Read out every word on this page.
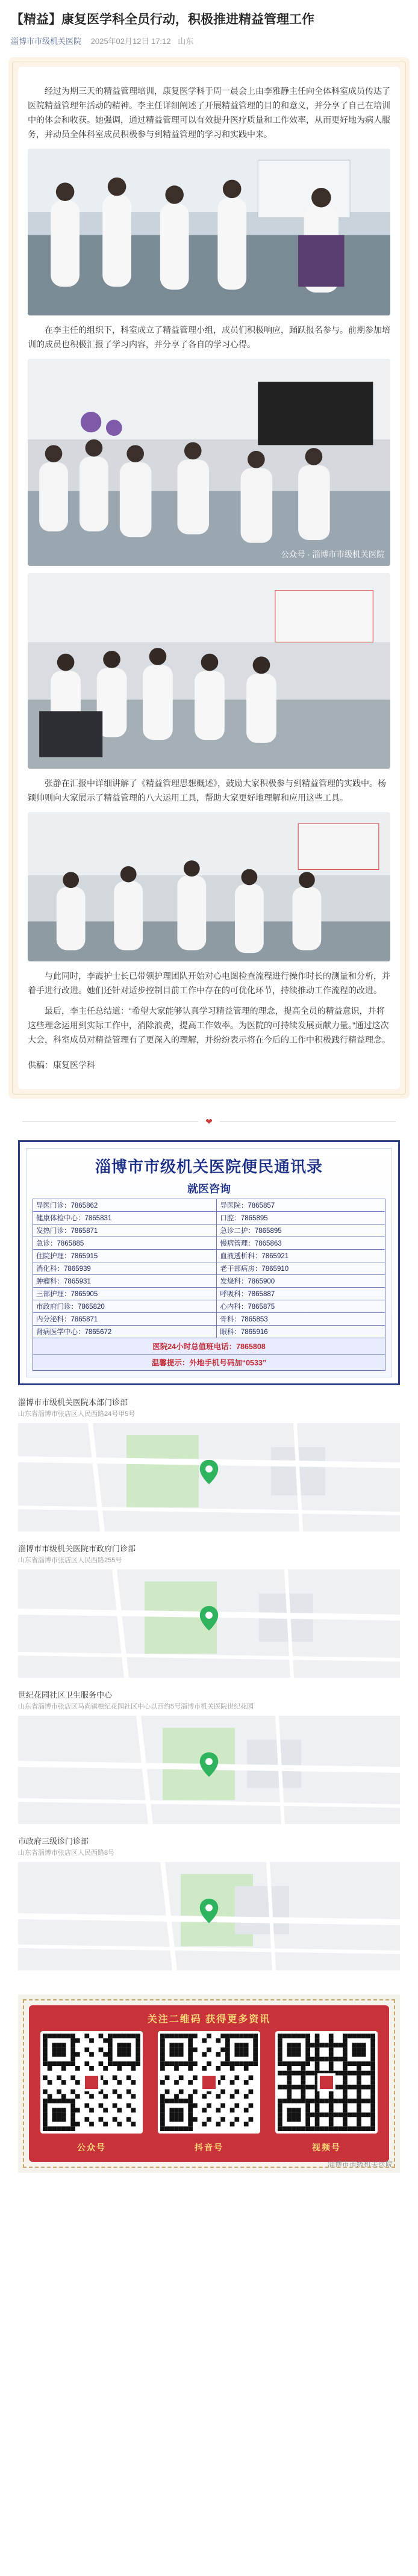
【精益】康复医学科全员行动，积极推进精益管理工作
淄博市市级机关医院 2025年02月12日 17:12 山东

经过为期三天的精益管理培训，康复医学科于周一晨会上由李雅静主任向全体科室成员传达了医院精益管理年活动的精神。李主任详细阐述了开展精益管理的目的和意义，并分享了自己在培训中的体会和收获。她强调，通过精益管理可以有效提升医疗质量和工作效率，从而更好地为病人服务，并动员全体科室成员积极参与到精益管理的学习和实践中来。

在李主任的组织下，科室成立了精益管理小组，成员们积极响应，踊跃报名参与。前期参加培训的成员也积极汇报了学习内容，并分享了各自的学习心得。

公众号 · 淄博市市级机关医院

张静在汇报中详细讲解了《精益管理思想概述》，鼓励大家积极参与到精益管理的实践中。杨颖帅则向大家展示了精益管理的八大运用工具，帮助大家更好地理解和应用这些工具。

与此同时，李霞护士长已带领护理团队开始对心电图检查流程进行操作时长的测量和分析，并着手进行改进。她们还针对适步控制目前工作中存在的可优化环节，持续推动工作流程的改进。

最后，李主任总结道：“希望大家能够认真学习精益管理的理念，提高全员的精益意识，并将这些理念运用到实际工作中，消除浪费，提高工作效率。为医院的可持续发展贡献力量。”通过这次大会，科室成员对精益管理有了更深入的理解，并纷纷表示将在今后的工作中积极践行精益理念。

供稿：康复医学科

❤
淄博市市级机关医院便民通讯录
就医咨询
导医门诊：7865862	导医院：7865857
健康体检中心：7865831	口腔：7865895
发热门诊：7865871	急诊二护：7865895
急诊：7865885	慢病管理：7865863
住院护理：7865915	血液透析科：7865921
消化科：7865939	老干部病房：7865910
肿瘤科：7865931	发烧科：7865900
三部护理：7865905	呼吸科：7865887
市政府门诊：7865820	心内科：7865875
内分泌科：7865871	骨科：7865853
肾病医学中心：7865672	眼科：7865916
医院24小时总值班电话：7865808
温馨提示：外地手机号码加“0533”
淄博市市级机关医院本部门诊部
山东省淄博市张店区人民西路24号甲5号
淄博市市级机关医院市政府门诊部
山东省淄博市张店区人民西路255号
世纪花园社区卫生服务中心
山东省淄博市张店区马尚镇樵纪花园社区中心以西约5号淄博市机关医院世纪花园
市政府三级诊门诊部
山东省淄博市张店区人民西路8号
关注二维码 获得更多资讯
公众号	抖音号	视频号
淄博市市级机关医院
